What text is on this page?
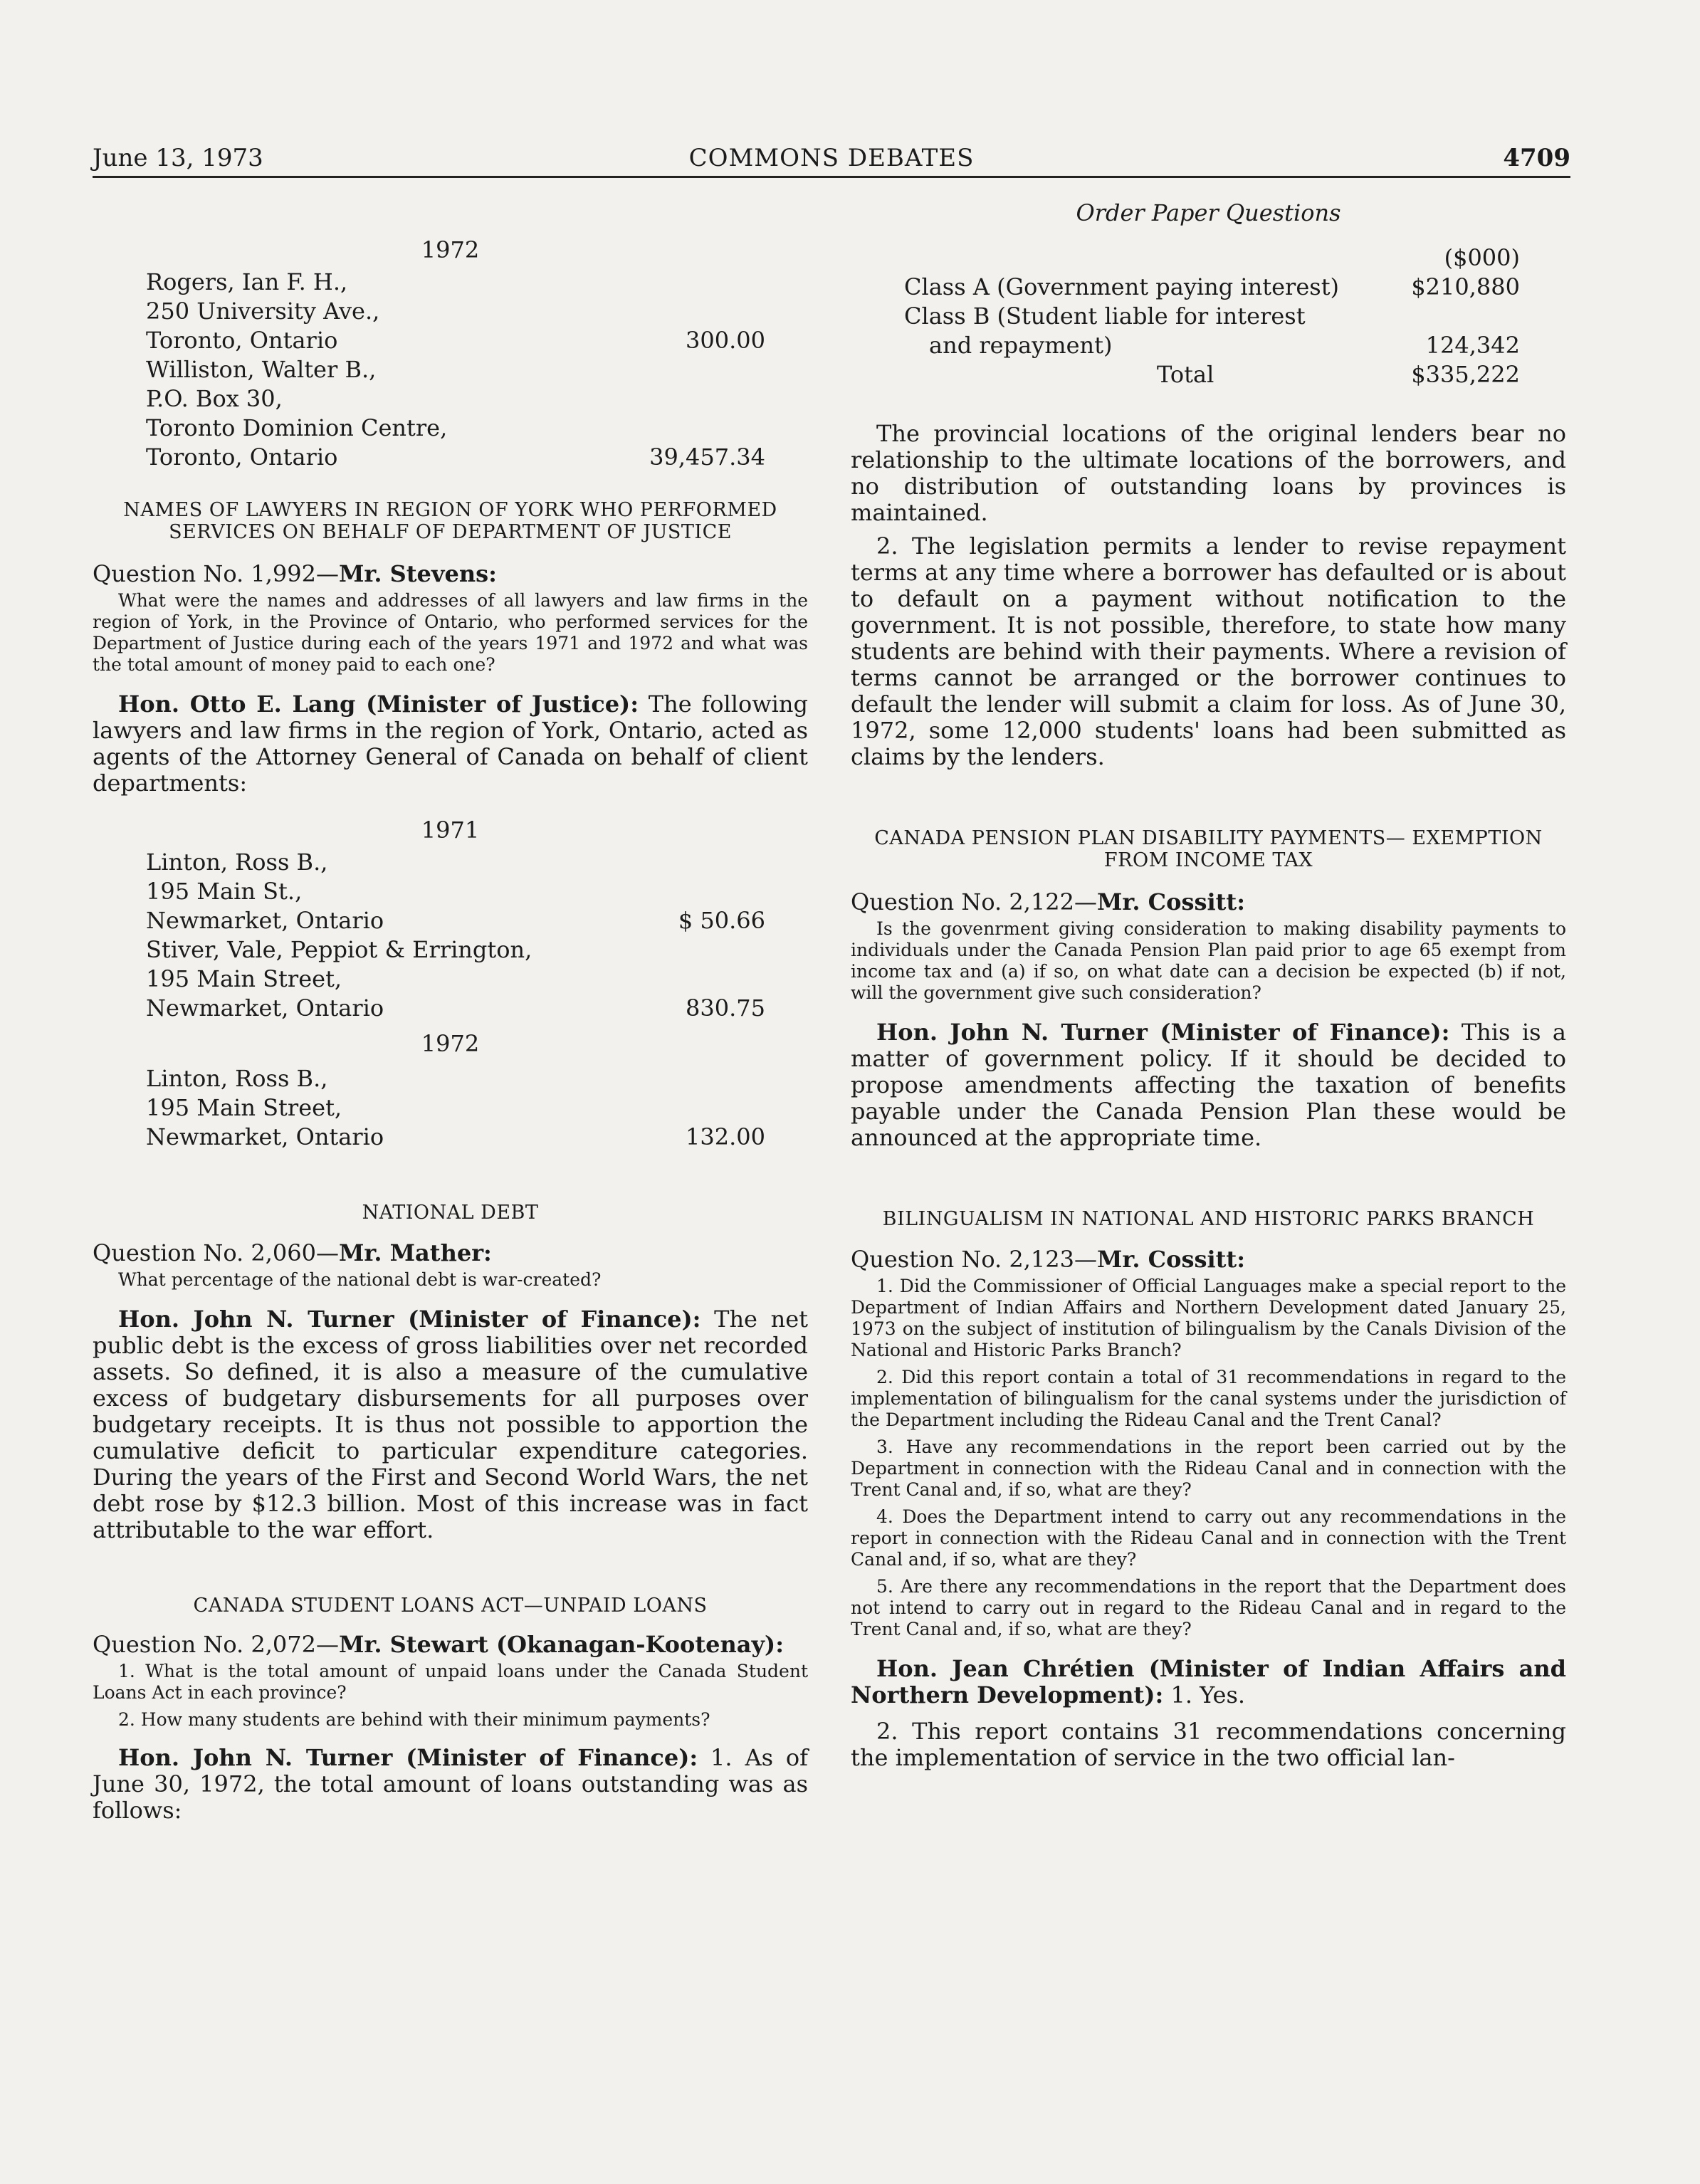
June 13, 1973	COMMONS DEBATES	4709
1972
Rogers, Ian F. H.,
250 University Ave.,
Toronto, Ontario	300.00
Williston, Walter B.,
P.O. Box 30,
Toronto Dominion Centre,
Toronto, Ontario	39,457.34
NAMES OF LAWYERS IN REGION OF YORK WHO PERFORMED SERVICES ON BEHALF OF DEPARTMENT OF JUSTICE
Question No. 1,992—Mr. Stevens:
What were the names and addresses of all lawyers and law firms in the region of York, in the Province of Ontario, who performed services for the Department of Justice during each of the years 1971 and 1972 and what was the total amount of money paid to each one?
Hon. Otto E. Lang (Minister of Justice): The following lawyers and law firms in the region of York, Ontario, acted as agents of the Attorney General of Canada on behalf of client departments:
1971
Linton, Ross B.,
195 Main St.,
Newmarket, Ontario	$ 50.66
Stiver, Vale, Peppiot & Errington,
195 Main Street,
Newmarket, Ontario	830.75
1972
Linton, Ross B.,
195 Main Street,
Newmarket, Ontario	132.00
NATIONAL DEBT
Question No. 2,060—Mr. Mather:
What percentage of the national debt is war-created?
Hon. John N. Turner (Minister of Finance): The net public debt is the excess of gross liabilities over net recorded assets. So defined, it is also a measure of the cumulative excess of budgetary disbursements for all purposes over budgetary receipts. It is thus not possible to apportion the cumulative deficit to particular expenditure categories. During the years of the First and Second World Wars, the net debt rose by $12.3 billion. Most of this increase was in fact attributable to the war effort.
CANADA STUDENT LOANS ACT—UNPAID LOANS
Question No. 2,072—Mr. Stewart (Okanagan-Kootenay):
1. What is the total amount of unpaid loans under the Canada Student Loans Act in each province?
2. How many students are behind with their minimum payments?
Hon. John N. Turner (Minister of Finance): 1. As of June 30, 1972, the total amount of loans outstanding was as follows:
Order Paper Questions
($000)
Class A (Government paying interest)	$210,880
Class B (Student liable for interest
and repayment)	124,342
Total	$335,222
The provincial locations of the original lenders bear no relationship to the ultimate locations of the borrowers, and no distribution of outstanding loans by provinces is maintained.
2. The legislation permits a lender to revise repayment terms at any time where a borrower has defaulted or is about to default on a payment without notification to the government. It is not possible, therefore, to state how many students are behind with their payments. Where a revision of terms cannot be arranged or the borrower continues to default the lender will submit a claim for loss. As of June 30, 1972, some 12,000 students' loans had been submitted as claims by the lenders.
CANADA PENSION PLAN DISABILITY PAYMENTS— EXEMPTION FROM INCOME TAX
Question No. 2,122—Mr. Cossitt:
Is the govenrment giving consideration to making disability payments to individuals under the Canada Pension Plan paid prior to age 65 exempt from income tax and (a) if so, on what date can a decision be expected (b) if not, will the government give such consideration?
Hon. John N. Turner (Minister of Finance): This is a matter of government policy. If it should be decided to propose amendments affecting the taxation of benefits payable under the Canada Pension Plan these would be announced at the appropriate time.
BILINGUALISM IN NATIONAL AND HISTORIC PARKS BRANCH
Question No. 2,123—Mr. Cossitt:
1. Did the Commissioner of Official Languages make a special report to the Department of Indian Affairs and Northern Development dated January 25, 1973 on the subject of institution of bilingualism by the Canals Division of the National and Historic Parks Branch?
2. Did this report contain a total of 31 recommendations in regard to the implementation of bilingualism for the canal systems under the jurisdiction of the Department including the Rideau Canal and the Trent Canal?
3. Have any recommendations in the report been carried out by the Department in connection with the Rideau Canal and in connection with the Trent Canal and, if so, what are they?
4. Does the Department intend to carry out any recommendations in the report in connection with the Rideau Canal and in connection with the Trent Canal and, if so, what are they?
5. Are there any recommendations in the report that the Department does not intend to carry out in regard to the Rideau Canal and in regard to the Trent Canal and, if so, what are they?
Hon. Jean Chrétien (Minister of Indian Affairs and Northern Development): 1. Yes.
2. This report contains 31 recommendations concerning the implementation of service in the two official lan-
